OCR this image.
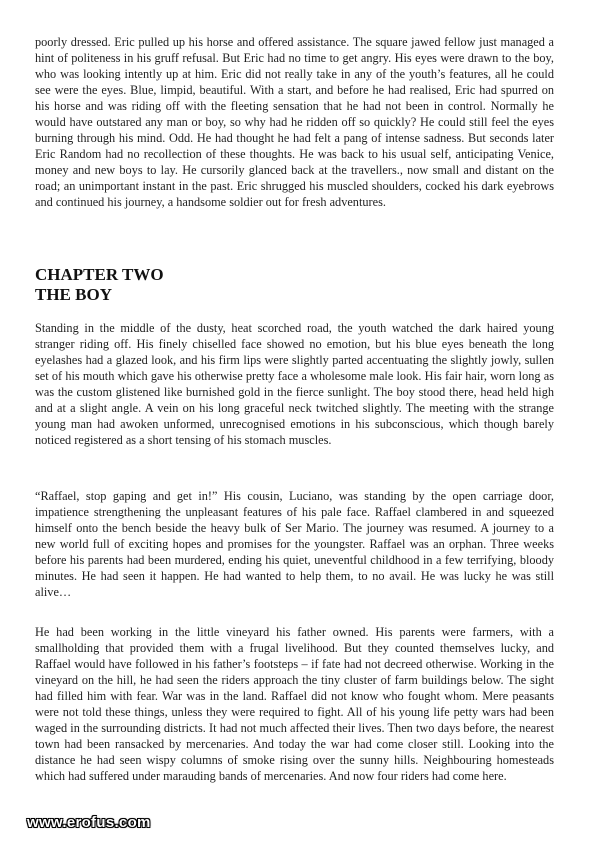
poorly dressed. Eric pulled up his horse and offered assistance. The square jawed fellow just managed a hint of politeness in his gruff refusal. But Eric had no time to get angry. His eyes were drawn to the boy, who was looking intently up at him. Eric did not really take in any of the youth’s features, all he could see were the eyes. Blue, limpid, beautiful. With a start, and before he had realised, Eric had spurred on his horse and was riding off with the fleeting sensation that he had not been in control. Normally he would have outstared any man or boy, so why had he ridden off so quickly? He could still feel the eyes burning through his mind. Odd. He had thought he had felt a pang of intense sadness. But seconds later Eric Random had no recollection of these thoughts. He was back to his usual self, anticipating Venice, money and new boys to lay. He cursorily glanced back at the travellers., now small and distant on the road; an unimportant instant in the past. Eric shrugged his muscled shoulders, cocked his dark eyebrows and continued his journey, a handsome soldier out for fresh adventures.

CHAPTER TWO
THE BOY

Standing in the middle of the dusty, heat scorched road, the youth watched the dark haired young stranger riding off. His finely chiselled face showed no emotion, but his blue eyes beneath the long eyelashes had a glazed look, and his firm lips were slightly parted accentuating the slightly jowly, sullen set of his mouth which gave his otherwise pretty face a wholesome male look. His fair hair, worn long as was the custom glistened like burnished gold in the fierce sunlight. The boy stood there, head held high and at a slight angle. A vein on his long graceful neck twitched slightly. The meeting with the strange young man had awoken unformed, unrecognised emotions in his subconscious, which though barely noticed registered as a short tensing of his stomach muscles.

“Raffael, stop gaping and get in!” His cousin, Luciano, was standing by the open carriage door, impatience strengthening the unpleasant features of his pale face. Raffael clambered in and squeezed himself onto the bench beside the heavy bulk of Ser Mario. The journey was resumed. A journey to a new world full of exciting hopes and promises for the youngster. Raffael was an orphan. Three weeks before his parents had been murdered, ending his quiet, uneventful childhood in a few terrifying, bloody minutes. He had seen it happen. He had wanted to help them, to no avail. He was lucky he was still alive…

He had been working in the little vineyard his father owned. His parents were farmers, with a smallholding that provided them with a frugal livelihood. But they counted themselves lucky, and Raffael would have followed in his father’s footsteps – if fate had not decreed otherwise. Working in the vineyard on the hill, he had seen the riders approach the tiny cluster of farm buildings below. The sight had filled him with fear. War was in the land. Raffael did not know who fought whom. Mere peasants were not told these things, unless they were required to fight. All of his young life petty wars had been waged in the surrounding districts. It had not much affected their lives. Then two days before, the nearest town had been ransacked by mercenaries. And today the war had come closer still. Looking into the distance he had seen wispy columns of smoke rising over the sunny hills. Neighbouring homesteads which had suffered under marauding bands of mercenaries. And now four riders had come here.

www.erofus.com
